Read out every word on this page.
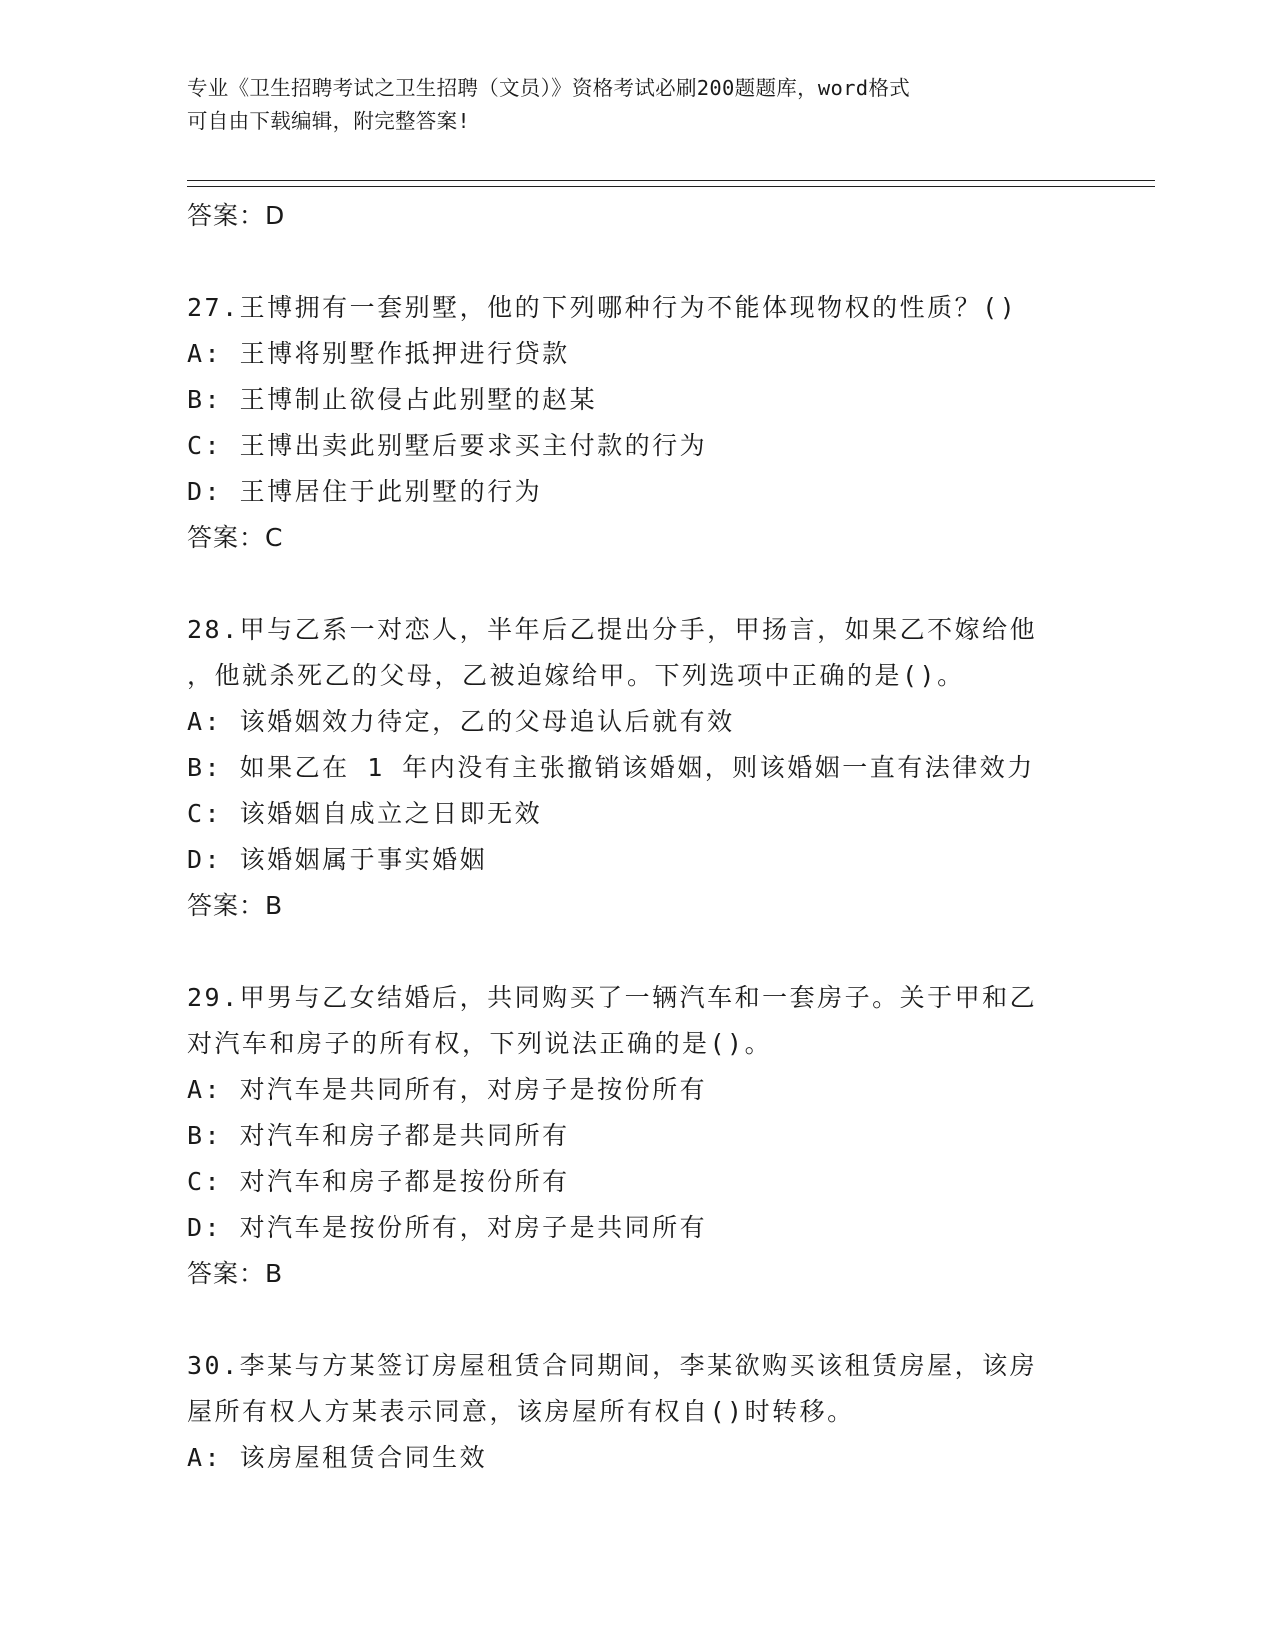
专业《卫生招聘考试之卫生招聘（文员）》资格考试必刷200题题库，word格式
可自由下载编辑，附完整答案!
答案：D
27.王博拥有一套别墅，他的下列哪种行为不能体现物权的性质？()
A: 王博将别墅作抵押进行贷款
B: 王博制止欲侵占此别墅的赵某
C: 王博出卖此别墅后要求买主付款的行为
D: 王博居住于此别墅的行为
答案：C
28.甲与乙系一对恋人，半年后乙提出分手，甲扬言，如果乙不嫁给他
，他就杀死乙的父母，乙被迫嫁给甲。下列选项中正确的是()。
A: 该婚姻效力待定，乙的父母追认后就有效
B: 如果乙在 1 年内没有主张撤销该婚姻，则该婚姻一直有法律效力
C: 该婚姻自成立之日即无效
D: 该婚姻属于事实婚姻
答案：B
29.甲男与乙女结婚后，共同购买了一辆汽车和一套房子。关于甲和乙
对汽车和房子的所有权，下列说法正确的是()。
A: 对汽车是共同所有，对房子是按份所有
B: 对汽车和房子都是共同所有
C: 对汽车和房子都是按份所有
D: 对汽车是按份所有，对房子是共同所有
答案：B
30.李某与方某签订房屋租赁合同期间，李某欲购买该租赁房屋，该房
屋所有权人方某表示同意，该房屋所有权自()时转移。
A: 该房屋租赁合同生效
